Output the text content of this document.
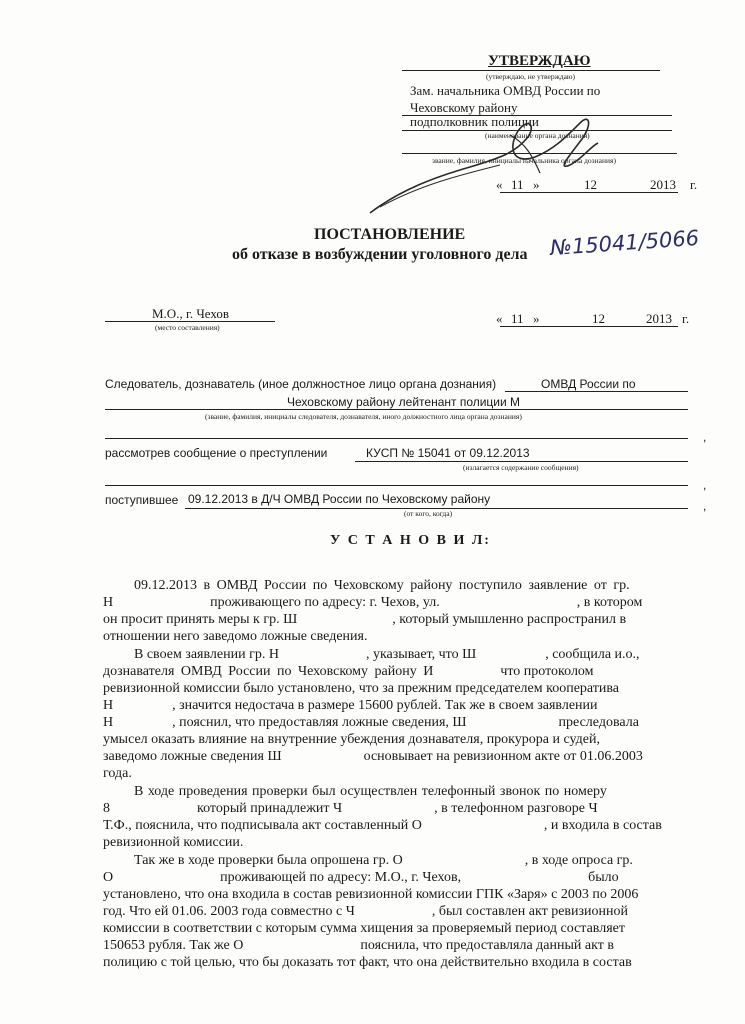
УТВЕРЖДАЮ
(утверждаю, не утверждаю)
Зам. начальника ОМВД России по
Чеховскому району
подполковник полиции
(наименование органа дознания)
звание, фамилия, инициалы начальника органа дознания)
« 11 »	12	2013 г.
ПОСТАНОВЛЕНИЕ
об отказе в возбуждении уголовного дела №15041/5066
М.О., г. Чехов
(место составления)
« 11 »	12	2013 г.
Следователь, дознаватель (иное должностное лицо органа дознания)	ОМВД России по
Чеховскому району лейтенант полиции М
(звание, фамилия, инициалы следователя, дознавателя, иного должностного лица органа дознания)
,
рассмотрев сообщение о преступлении	КУСП № 15041 от 09.12.2013
(излагается содержание сообщения)
,
поступившее 09.12.2013 в Д/Ч ОМВД России по Чеховскому району
(от кого, когда)
,
У С Т А Н О В И Л:
09.12.2013 в ОМВД России по Чеховскому району поступило заявление от гр.
Н	проживающего по адресу: г. Чехов, ул.	, в котором
он просит принять меры к гр. Ш	, который умышленно распространил в
отношении него заведомо ложные сведения.
В своем заявлении гр. Н	, указывает, что Ш	, сообщила и.о.,
дознавателя ОМВД России по Чеховскому району И	что протоколом
ревизионной комиссии было установлено, что за прежним председателем кооператива
Н	, значится недостача в размере 15600 рублей. Так же в своем заявлении
Н	, пояснил, что предоставляя ложные сведения, Ш	преследовала
умысел оказать влияние на внутренние убеждения дознавателя, прокурора и судей,
заведомо ложные сведения Ш	основывает на ревизионном акте от 01.06.2003
года.
В ходе проведения проверки был осуществлен телефонный звонок по номеру
8	который принадлежит Ч	, в телефонном разговоре Ч
Т.Ф., пояснила, что подписывала акт составленный О	, и входила в состав
ревизионной комиссии.
Так же в ходе проверки была опрошена гр. О	, в ходе опроса гр.
О	проживающей по адресу: М.О., г. Чехов,	было
установлено, что она входила в состав ревизионной комиссии ГПК «Заря» с 2003 по 2006
год. Что ей 01.06. 2003 года совместно с Ч	, был составлен акт ревизионной
комиссии в соответствии с которым сумма хищения за проверяемый период составляет
150653 рубля. Так же О	пояснила, что предоставляла данный акт в
полицию с той целью, что бы доказать тот факт, что она действительно входила в состав
